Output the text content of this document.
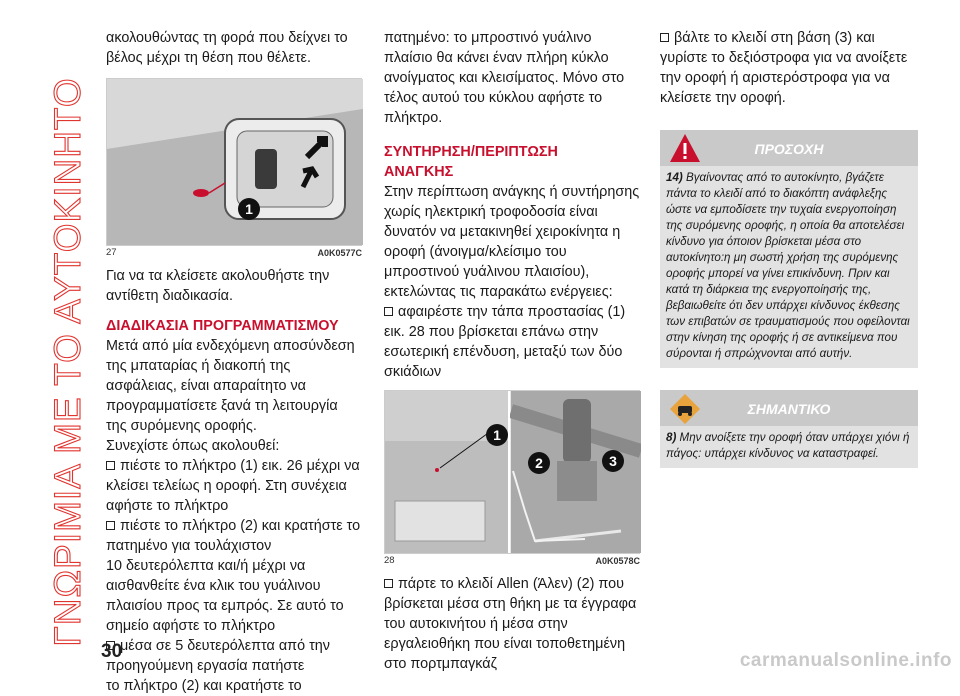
ΓΝΩΡΙΜΙΑ ΜΕ ΤΟ ΑΥΤΟΚΙΝΗΤΟ

ακολουθώντας τη φορά που δείχνει το βέλος μέχρι τη θέση που θέλετε.

1
27	A0K0577C

Για να τα κλείσετε ακολουθήστε την αντίθετη διαδικασία.

ΔΙΑΔΙΚΑΣΙΑ ΠΡΟΓΡΑΜΜΑΤΙΣΜΟΥ

Μετά από μία ενδεχόμενη αποσύνδεση της μπαταρίας ή διακοπή της ασφάλειας, είναι απαραίτητο να προγραμματίσετε ξανά τη λειτουργία της συρόμενης οροφής.

Συνεχίστε όπως ακολουθεί:

πιέστε το πλήκτρο (1) εικ. 26 μέχρι να κλείσει τελείως η οροφή. Στη συνέχεια αφήστε το πλήκτρο

πιέστε το πλήκτρο (2) και κρατήστε το πατημένο για τουλάχιστον

10 δευτερόλεπτα και/ή μέχρι να αισθανθείτε ένα κλικ του γυάλινου πλαισίου προς τα εμπρός. Σε αυτό το σημείο αφήστε το πλήκτρο

μέσα σε 5 δευτερόλεπτα από την προηγούμενη εργασία πατήστε

το πλήκτρο (2) και κρατήστε το

πατημένο: το μπροστινό γυάλινο πλαίσιο θα κάνει έναν πλήρη κύκλο ανοίγματος και κλεισίματος. Μόνο στο τέλος αυτού του κύκλου αφήστε το πλήκτρο.

ΣΥΝΤΗΡΗΣΗ/ΠΕΡΙΠΤΩΣΗ
ΑΝΑΓΚΗΣ

Στην περίπτωση ανάγκης ή συντήρησης χωρίς ηλεκτρική τροφοδοσία είναι δυνατόν να μετακινηθεί χειροκίνητα η οροφή (άνοιγμα/κλείσιμο του μπροστινού γυάλινου πλαισίου), εκτελώντας τις παρακάτω ενέργειες:

αφαιρέστε την τάπα προστασίας (1) εικ. 28 που βρίσκεται επάνω στην εσωτερική επένδυση, μεταξύ των δύο σκιάδιων

1
2	3
28	A0K0578C

πάρτε το κλειδί Allen (Άλεν) (2) που βρίσκεται μέσα στη θήκη με τα έγγραφα του αυτοκινήτου ή μέσα στην εργαλειοθήκη που είναι τοποθετημένη στο πορτμπαγκάζ

βάλτε το κλειδί στη βάση (3) και γυρίστε το δεξιόστροφα για να ανοίξετε την οροφή ή αριστερόστροφα για να κλείσετε την οροφή.

ΠΡΟΣΟΧΗ
14) Βγαίνοντας από το αυτοκίνητο, βγάζετε πάντα το κλειδί από το διακόπτη ανάφλεξης ώστε να εμποδίσετε την τυχαία ενεργοποίηση της συρόμενης οροφής, η οποία θα αποτελέσει κίνδυνο για όποιον βρίσκεται μέσα στο αυτοκίνητο:η μη σωστή χρήση της συρόμενης οροφής μπορεί να γίνει επικίνδυνη. Πριν και κατά τη διάρκεια της ενεργοποίησής της, βεβαιωθείτε ότι δεν υπάρχει κίνδυνος έκθεσης των επιβατών σε τραυματισμούς που οφείλονται στην κίνηση της οροφής ή σε αντικείμενα που σύρονται ή σπρώχνονται από αυτήν.
ΣΗΜΑΝΤΙΚΟ
8) Μην ανοίξετε την οροφή όταν υπάρχει χιόνι ή πάγος: υπάρχει κίνδυνος να καταστραφεί.
30	carmanualsonline.info
